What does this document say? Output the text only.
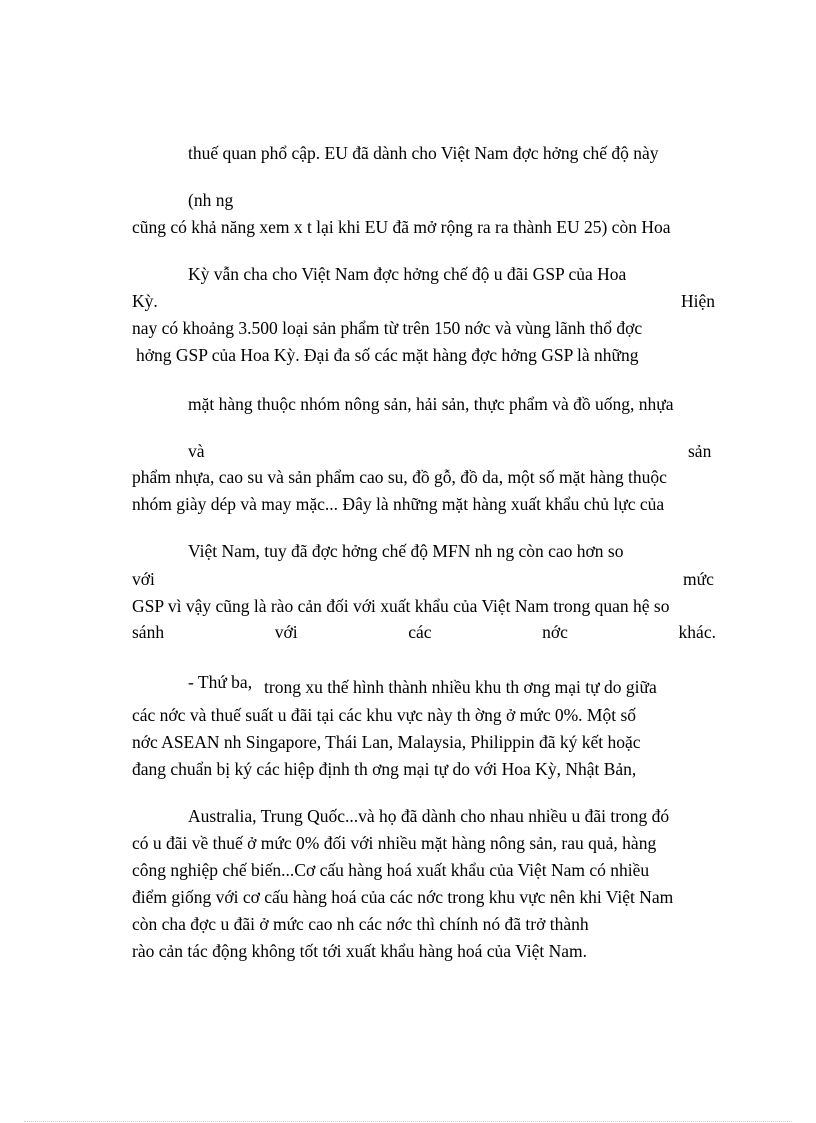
thuế quan phổ cập. EU đã dành cho Việt Nam đợc hởng chế độ này
(nh ng
cũng có khả năng xem x t lại khi EU đã mở rộng ra ra thành EU 25) còn Hoa
Kỳ vẫn cha cho Việt Nam đợc hởng chế độ u đãi GSP của Hoa
Kỳ.	Hiện
nay có khoảng 3.500 loại sản phẩm từ trên 150 nớc và vùng lãnh thổ đợc
hởng GSP của Hoa Kỳ. Đại đa số các mặt hàng đợc hởng GSP là những
mặt hàng thuộc nhóm nông sản, hải sản, thực phẩm và đồ uống, nhựa
và	sản
phẩm nhựa, cao su và sản phẩm cao su, đồ gỗ, đồ da, một số mặt hàng thuộc
nhóm giày dép và may mặc... Đây là những mặt hàng xuất khẩu chủ lực của
Việt Nam, tuy đã đợc hởng chế độ MFN nh ng còn cao hơn so
với	mức
GSP vì vậy cũng là rào cản đối với xuất khẩu của Việt Nam trong quan hệ so
sánh	với	các	nớc	khác.
- Thứ ba, trong xu thế hình thành nhiều khu th ơng mại tự do giữa
các nớc và thuế suất u đãi tại các khu vực này th ờng ở mức 0%. Một số
nớc ASEAN nh Singapore, Thái Lan, Malaysia, Philippin đã ký kết hoặc
đang chuẩn bị ký các hiệp định th ơng mại tự do với Hoa Kỳ, Nhật Bản,
Australia, Trung Quốc...và họ đã dành cho nhau nhiều u đãi trong đó
có u đãi về thuế ở mức 0% đối với nhiều mặt hàng nông sản, rau quả, hàng
công nghiệp chế biến...Cơ cấu hàng hoá xuất khẩu của Việt Nam có nhiều
điểm giống với cơ cấu hàng hoá của các nớc trong khu vực nên khi Việt Nam
còn cha đợc u đãi ở mức cao nh các nớc thì chính nó đã trở thành
rào cản tác động không tốt tới xuất khẩu hàng hoá của Việt Nam.
